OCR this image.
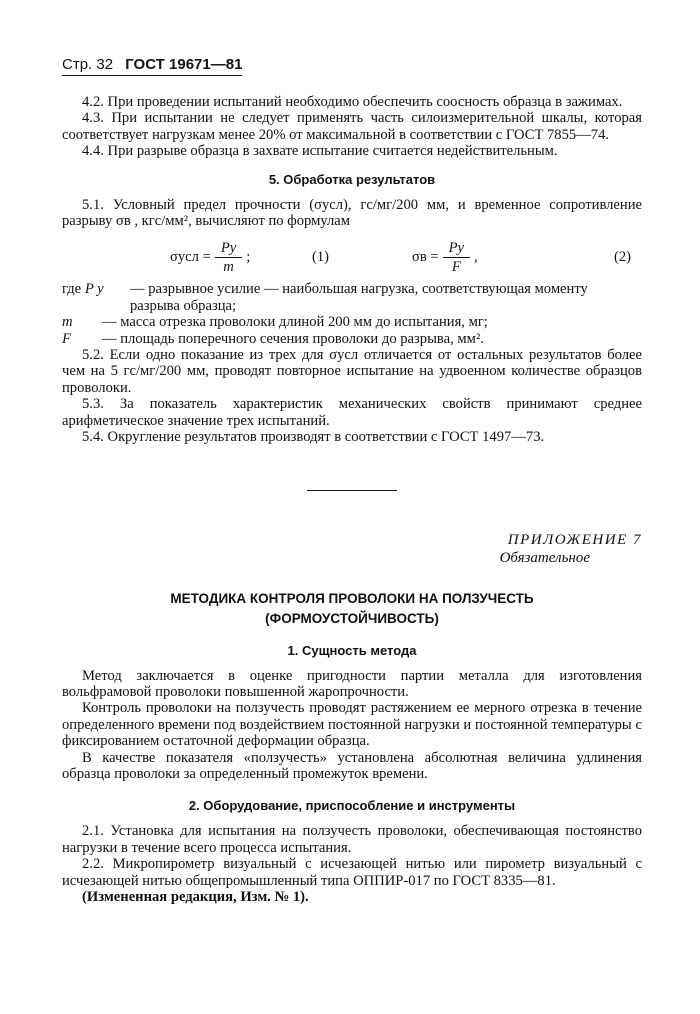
Стр. 32 ГОСТ 19671—81

4.2. При проведении испытаний необходимо обеспечить соосность образца в зажимах.

4.3. При испытании не следует применять часть силоизмерительной шкалы, которая соответствует нагрузкам менее 20% от максимальной в соответствии с ГОСТ 7855—74.

4.4. При разрыве образца в захвате испытание считается недействительным.

5. Обработка результатов

5.1. Условный предел прочности (σусл), гс/мг/200 мм, и временное сопротивление разрыву σв , кгс/мм², вычисляют по формулам

$\sigma усл = \frac{Pу}{m}$ ;	(1)	$\sigma в = \frac{Pу}{F}$ ,	(2)
где P у	— разрывное усилие — наибольшая нагрузка, соответствующая моменту
разрыва образца;
m	— масса отрезка проволоки длиной 200 мм до испытания, мг;
F	— площадь поперечного сечения проволоки до разрыва, мм².

5.2. Если одно показание из трех для σусл отличается от остальных результатов более чем на 5 гс/мг/200 мм, проводят повторное испытание на удвоенном количестве образцов проволоки.

5.3. За показатель характеристик механических свойств принимают среднее арифметическое значение трех испытаний.

5.4. Округление результатов производят в соответствии с ГОСТ 1497—73.

ПРИЛОЖЕНИЕ 7
Обязательное
МЕТОДИКА КОНТРОЛЯ ПРОВОЛОКИ НА ПОЛЗУЧЕСТЬ
(ФОРМОУСТОЙЧИВОСТЬ)
1. Сущность метода

Метод заключается в оценке пригодности партии металла для изготовления вольфрамовой проволоки повышенной жаропрочности.

Контроль проволоки на ползучесть проводят растяжением ее мерного отрезка в течение определенного времени под воздействием постоянной нагрузки и постоянной температуры с фиксированием остаточной деформации образца.

В качестве показателя «ползучесть» установлена абсолютная величина удлинения образца проволоки за определенный промежуток времени.

2. Оборудование, приспособление и инструменты

2.1. Установка для испытания на ползучесть проволоки, обеспечивающая постоянство нагрузки в течение всего процесса испытания.

2.2. Микропирометр визуальный с исчезающей нитью или пирометр визуальный с исчезающей нитью общепромышленный типа ОППИР-017 по ГОСТ 8335—81.

(Измененная редакция, Изм. № 1).
